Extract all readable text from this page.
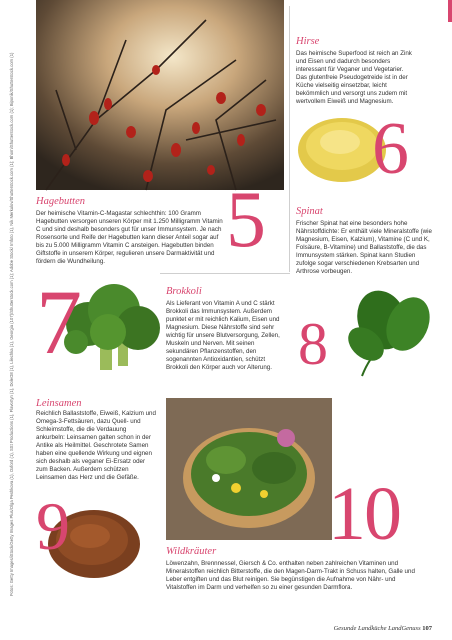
Hirse

Das heimische Superfood ist reich an Zink und Eisen und dadurch besonders interessant für Veganer und Vegetarier. Das glutenfreie Pseudogetreide ist in der Küche vielseitig einsetzbar, leicht bekömmlich und versorgt uns zudem mit wertvollem Eiweiß und Magnesium.

6
5
Hagebutten

Der heimische Vitamin-C-Magastar schlechthin: 100 Gramm Hagebutten versorgen unseren Körper mit 1.250 Milligramm Vitamin C und sind deshalb besonders gut für unser Immunsystem. Je nach Rosensorte und Reife der Hagebutten kann dieser Anteil sogar auf bis zu 5.000 Milligramm Vitamin C ansteigen. Hagebutten binden Giftstoffe in unserem Körper, regulieren unsere Darmaktivität und fördern die Wundheilung.

Spinat

Frischer Spinat hat eine besonders hohe Nährstoffdichte: Er enthält viele Mineralstoffe (wie Magnesium, Eisen, Kalzium), Vitamine (C und K, Folsäure, B-Vitamine) und Ballaststoffe, die das Immunsystem stärken. Spinat kann Studien zufolge sogar verschiedenen Krebsarten und Arthrose vorbeugen.

8
7	Brokkoli

Als Lieferant von Vitamin A und C stärkt Brokkoli das Immunsystem. Außerdem punktet er mit reichlich Kalium, Eisen und Magnesium. Diese Nährstoffe sind sehr wichtig für unsere Blutversorgung, Zellen, Muskeln und Nerven. Mit seinen sekundären Pflanzenstoffen, den sogenannten Antioxidantien, schützt Brokkoli den Körper auch vor Alterung.

Leinsamen

Reichlich Ballaststoffe, Eiweiß, Kalzium und Omega-3-Fettsäuren, dazu Quell- und Schleimstoffe, die die Verdauung ankurbeln: Leinsamen galten schon in der Antike als Heilmittel. Geschrotete Samen haben eine quellende Wirkung und eignen sich deshalb als veganer Ei-Ersatz oder zum Backen. Außerdem schützen Leinsamen das Herz und die Gefäße.

9	10
Wildkräuter

Löwenzahn, Brennnessel, Giersch & Co. enthalten neben zahlreichen Vitaminen und Mineralstoffen reichlich Bitterstoffe, die den Magen-Darm-Trakt in Schuss halten, Galle und Leber entgiften und das Blut reinigen. Sie begünstigen die Aufnahme von Nähr- und Vitalstoffen im Darm und verhelfen so zu einer gesunden Darmflora.

Fotos: Getty Images/iStock/Getty Images Plus/Olga Peshkova (1), Oxford (1), SSt Productions (1), Flavortyn (1), DoleO8 (1), Lilechka (1), Georgia (107)/Shutterstock.com (1); Adobe Stock/ Imfoto (1), Nik Merkulov/Shutterstock.com (1); Bhorn/Shutterstock.com (1); Biponik/Shutterstock.com (1)
Gesunde Landküche LandGenuss 107
